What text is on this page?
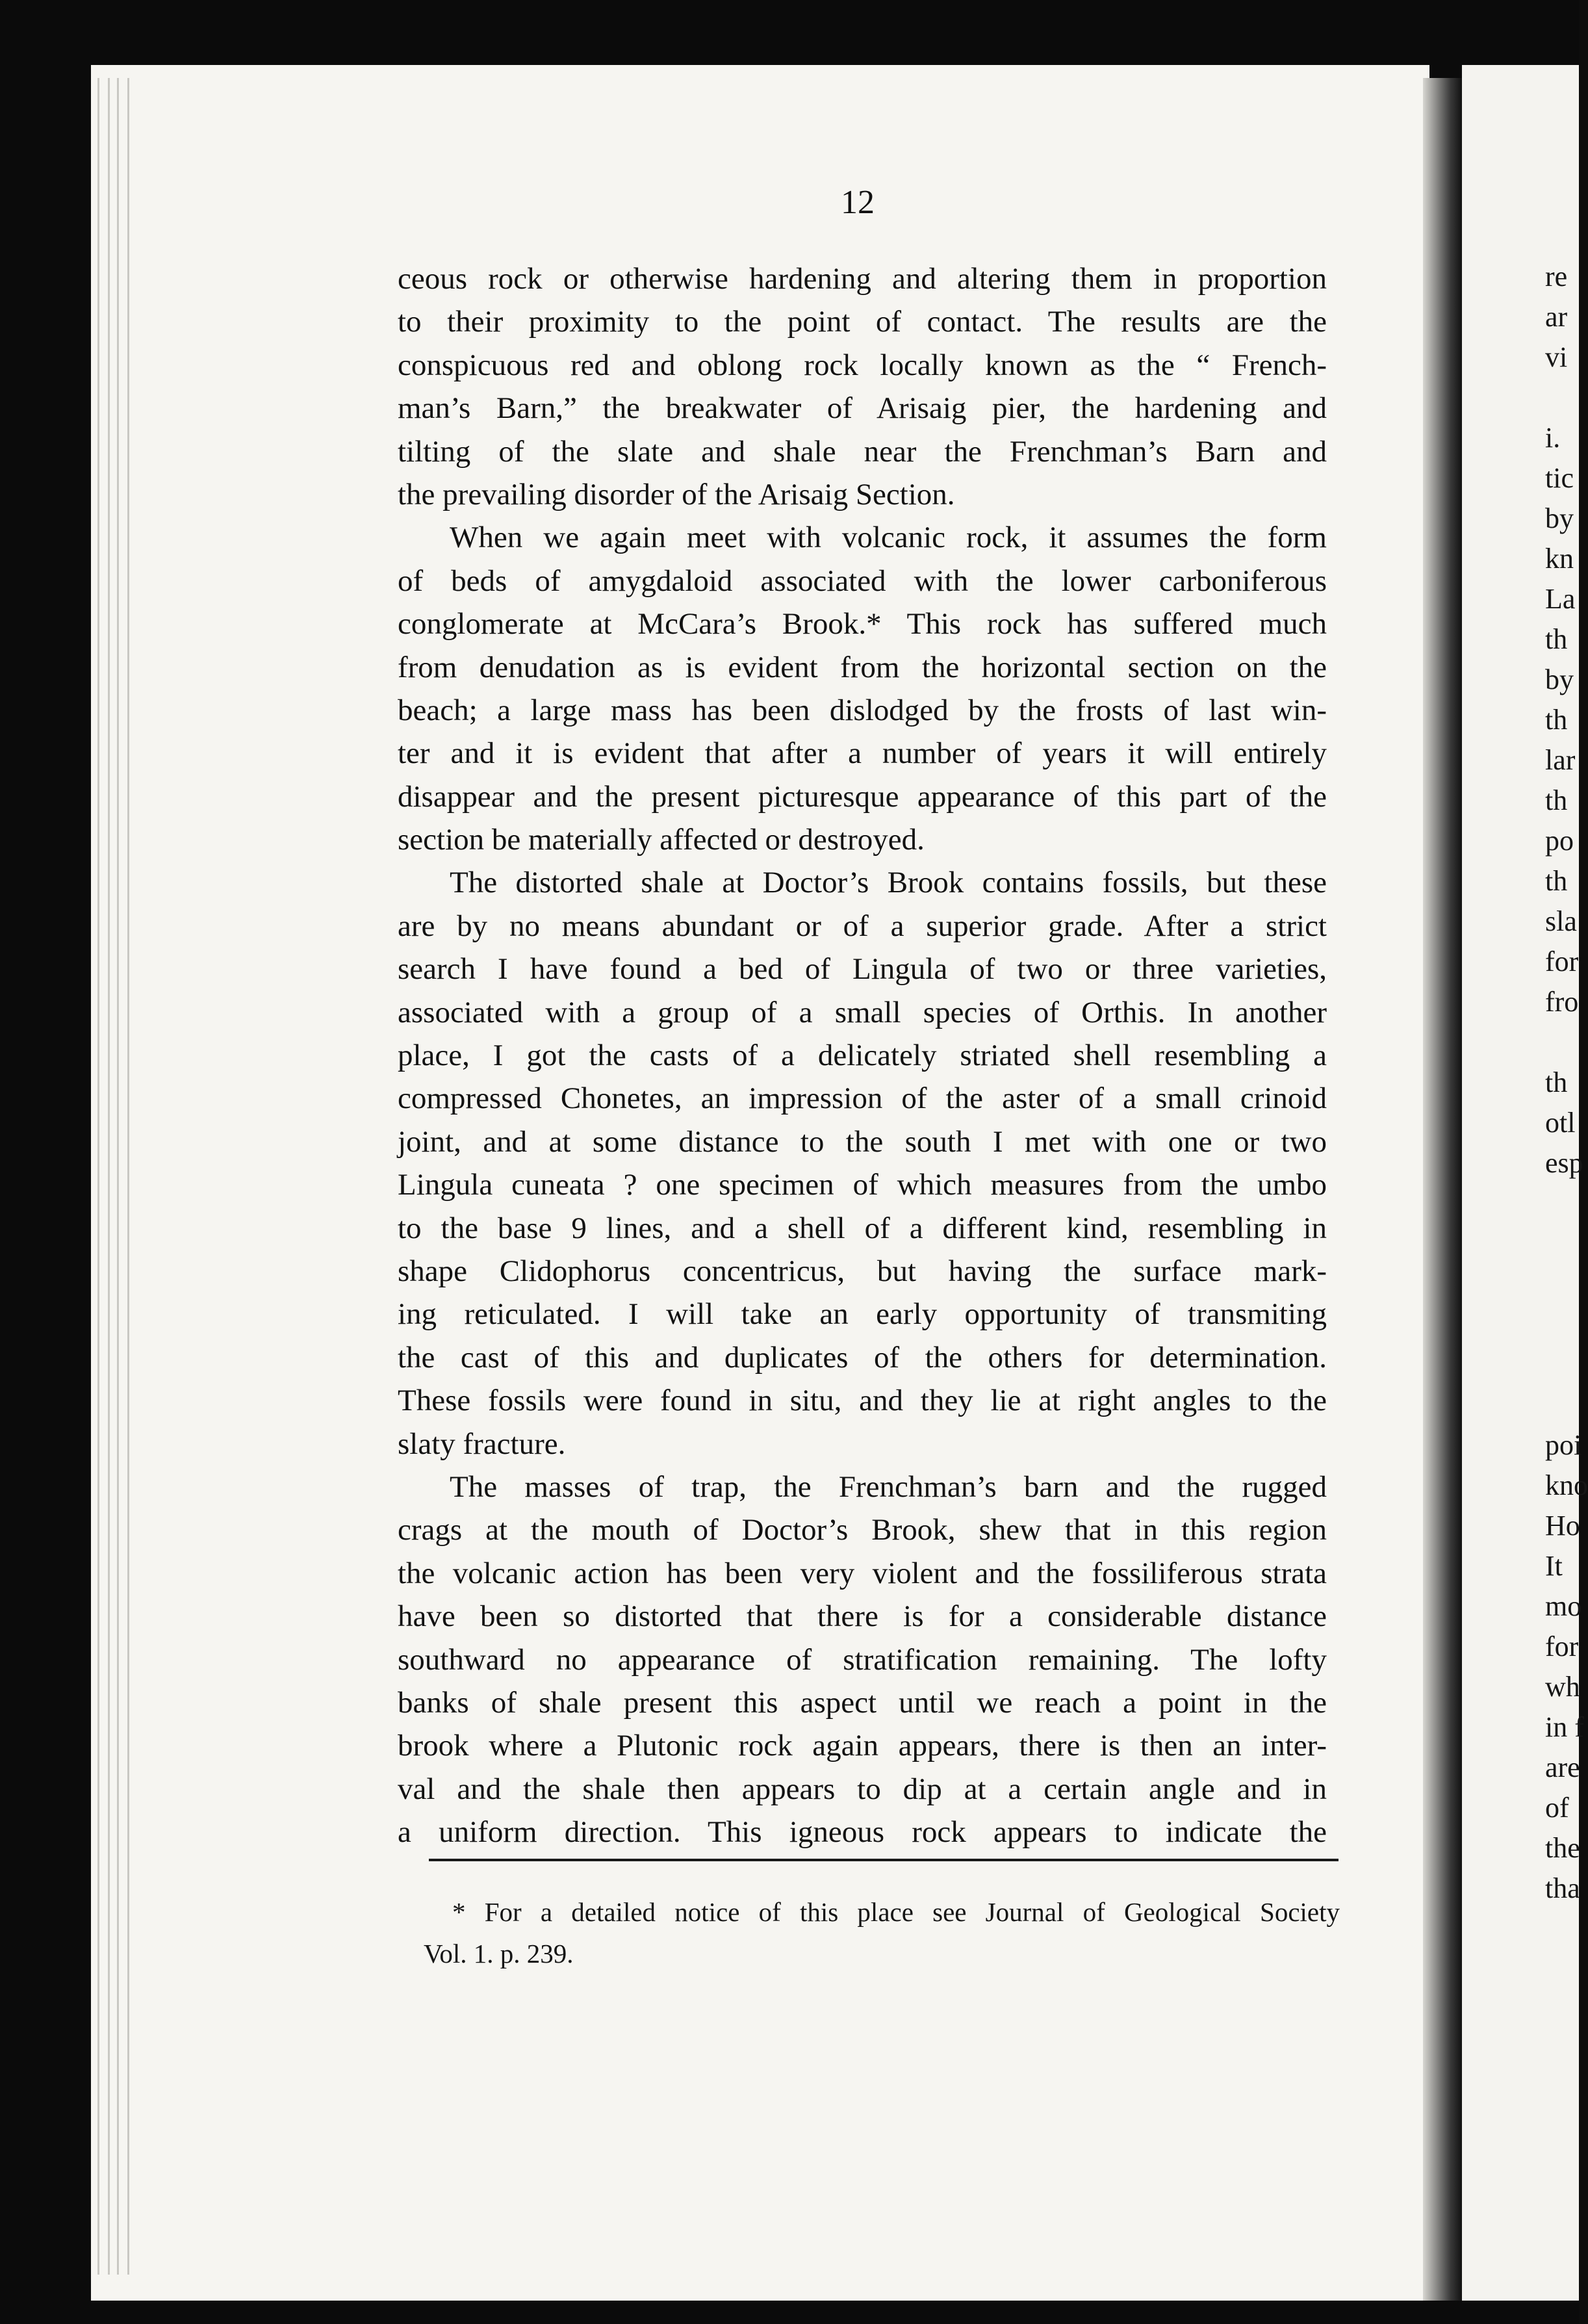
12
ceous rock or otherwise hardening and altering them in proportion
to their proximity to the point of contact. The results are the
conspicuous red and oblong rock locally known as the “ French-
man’s Barn,” the breakwater of Arisaig pier, the hardening and
tilting of the slate and shale near the Frenchman’s Barn and
the prevailing disorder of the Arisaig Section.
When we again meet with volcanic rock, it assumes the form
of beds of amygdaloid associated with the lower carboniferous
conglomerate at McCara’s Brook.* This rock has suffered much
from denudation as is evident from the horizontal section on the
beach; a large mass has been dislodged by the frosts of last win-
ter and it is evident that after a number of years it will entirely
disappear and the present picturesque appearance of this part of the
section be materially affected or destroyed.
The distorted shale at Doctor’s Brook contains fossils, but these
are by no means abundant or of a superior grade. After a strict
search I have found a bed of Lingula of two or three varieties,
associated with a group of a small species of Orthis. In another
place, I got the casts of a delicately striated shell resembling a
compressed Chonetes, an impression of the aster of a small crinoid
joint, and at some distance to the south I met with one or two
Lingula cuneata ? one specimen of which measures from the umbo
to the base 9 lines, and a shell of a different kind, resembling in
shape Clidophorus concentricus, but having the surface mark-
ing reticulated. I will take an early opportunity of transmiting
the cast of this and duplicates of the others for determination.
These fossils were found in situ, and they lie at right angles to the
slaty fracture.
The masses of trap, the Frenchman’s barn and the rugged
crags at the mouth of Doctor’s Brook, shew that in this region
the volcanic action has been very violent and the fossiliferous strata
have been so distorted that there is for a considerable distance
southward no appearance of stratification remaining. The lofty
banks of shale present this aspect until we reach a point in the
brook where a Plutonic rock again appears, there is then an inter-
val and the shale then appears to dip at a certain angle and in
a uniform direction. This igneous rock appears to indicate the
* For a detailed notice of this place see Journal of Geological Society
Vol. 1. p. 239.
re
ar
vi
i.
tic
by
kn
La
th
by
th
lar
th
po
th
sla
for
fro
th
otl
esp
poi
kno
Ho
It
mo
for
wh
in f
are
of
the
tha
